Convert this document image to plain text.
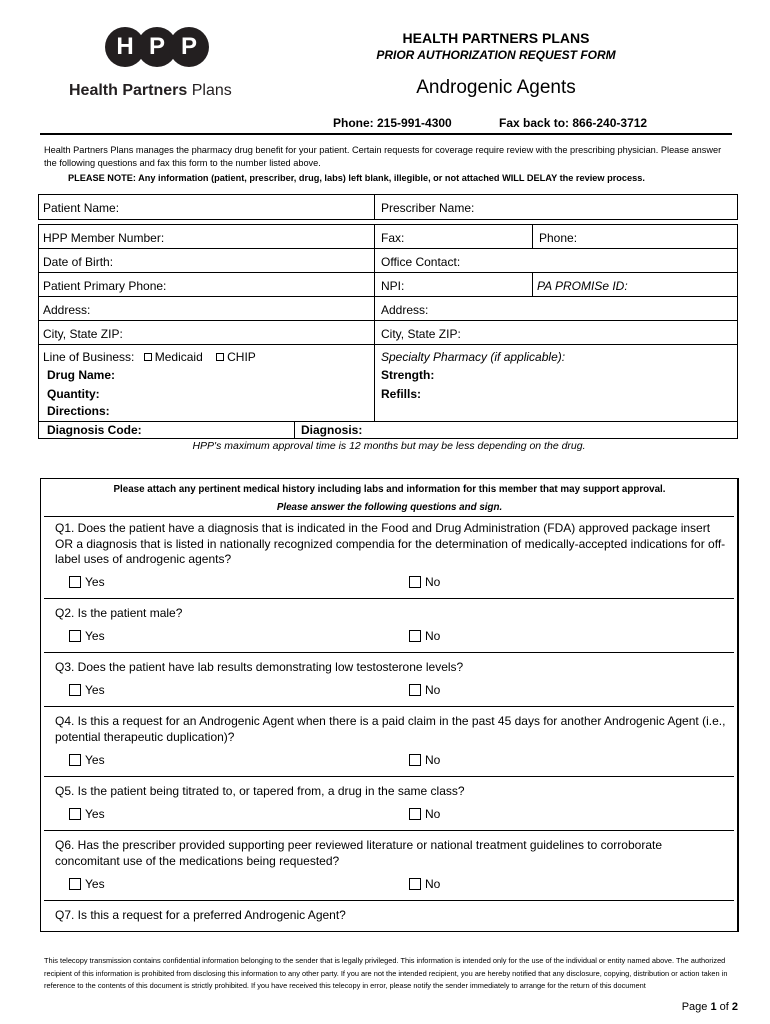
H P P
Health Partners Plans
HEALTH PARTNERS PLANS
PRIOR AUTHORIZATION REQUEST FORM
Androgenic Agents
Phone: 215-991-4300	Fax back to: 866-240-3712
Health Partners Plans manages the pharmacy drug benefit for your patient. Certain requests for coverage require review with the prescribing physician. Please answer the following questions and fax this form to the number listed above.
PLEASE NOTE: Any information (patient, prescriber, drug, labs) left blank, illegible, or not attached WILL DELAY the review process.
Patient Name:	Prescriber Name:
HPP Member Number:	Fax:	Phone:
Date of Birth:	Office Contact:
Patient Primary Phone:	NPI:	PA PROMISe ID:
Address:	Address:
City, State ZIP:	City, State ZIP:
Line of Business: Medicaid CHIP	Specialty Pharmacy (if applicable):
Drug Name:	Strength:
Quantity:	Refills:
Directions:
Diagnosis Code:	Diagnosis:
HPP's maximum approval time is 12 months but may be less depending on the drug.
Please attach any pertinent medical history including labs and information for this member that may support approval.
Please answer the following questions and sign.
Q1. Does the patient have a diagnosis that is indicated in the Food and Drug Administration (FDA) approved package insert OR a diagnosis that is listed in nationally recognized compendia for the determination of medically-accepted indications for off-label uses of androgenic agents?
Yes	No
Q2. Is the patient male?
Yes	No
Q3. Does the patient have lab results demonstrating low testosterone levels?
Yes	No
Q4. Is this a request for an Androgenic Agent when there is a paid claim in the past 45 days for another Androgenic Agent (i.e., potential therapeutic duplication)?
Yes	No
Q5. Is the patient being titrated to, or tapered from, a drug in the same class?
Yes	No
Q6. Has the prescriber provided supporting peer reviewed literature or national treatment guidelines to corroborate concomitant use of the medications being requested?
Yes	No
Q7. Is this a request for a preferred Androgenic Agent?
This telecopy transmission contains confidential information belonging to the sender that is legally privileged. This information is intended only for the use of the individual or entity named above. The authorized recipient of this information is prohibited from disclosing this information to any other party. If you are not the intended recipient, you are hereby notified that any disclosure, copying, distribution or action taken in reference to the contents of this document is strictly prohibited. If you have received this telecopy in error, please notify the sender immediately to arrange for the return of this document
Page 1 of 2
